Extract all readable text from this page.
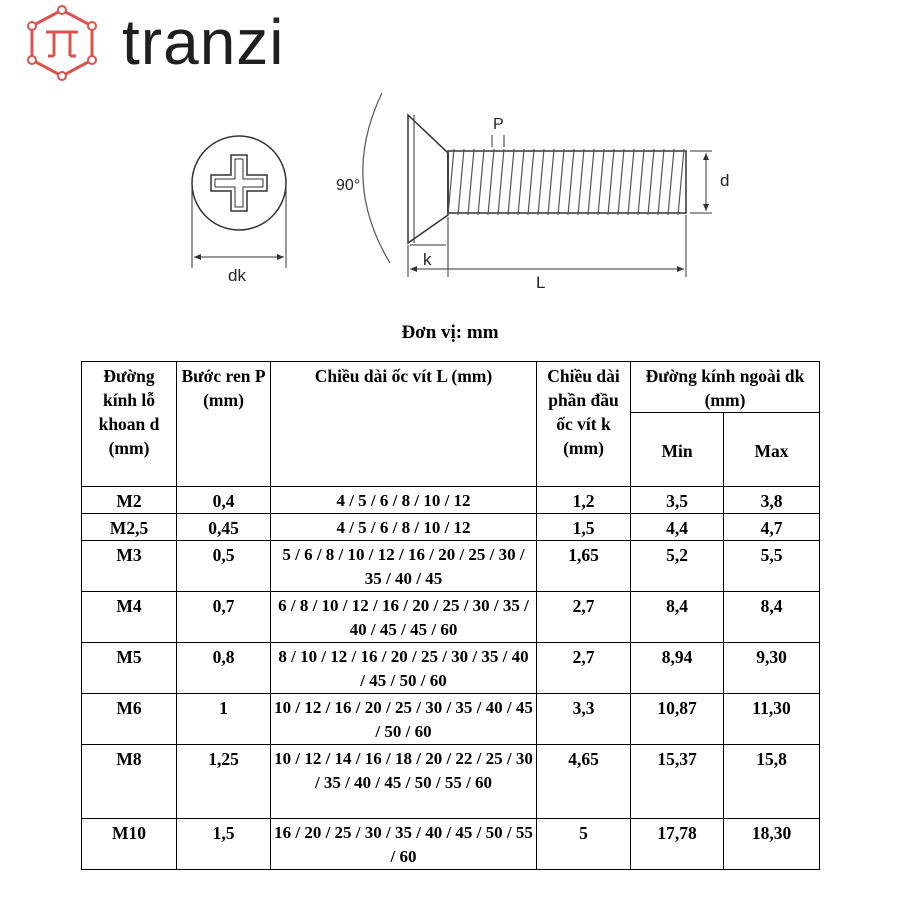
tranzi
dk
90°
P
d
k
L
Đơn vị: mm
Đường kính lỗ khoan d (mm)	Bước ren P (mm)	Chiều dài ốc vít L (mm)	Chiều dài phần đầu ốc vít k (mm)	Đường kính ngoài dk (mm)	
				Min	Max
M2	0,4	4 / 5 / 6 / 8 / 10 / 12	1,2	3,5	3,8
M2,5	0,45	4 / 5 / 6 / 8 / 10 / 12	1,5	4,4	4,7
M3	0,5	5 / 6 / 8 / 10 / 12 / 16 / 20 / 25 / 30 / 35 / 40 / 45	1,65	5,2	5,5
M4	0,7	6 / 8 / 10 / 12 / 16 / 20 / 25 / 30 / 35 / 40 / 45 / 45 / 60	2,7	8,4	8,4
M5	0,8	8 / 10 / 12 / 16 / 20 / 25 / 30 / 35 / 40 / 45 / 50 / 60	2,7	8,94	9,30
M6	1	10 / 12 / 16 / 20 / 25 / 30 / 35 / 40 / 45 / 50 / 60	3,3	10,87	11,30
M8	1,25	10 / 12 / 14 / 16 / 18 / 20 / 22 / 25 / 30 / 35 / 40 / 45 / 50 / 55 / 60	4,65	15,37	15,8
M10	1,5	16 / 20 / 25 / 30 / 35 / 40 / 45 / 50 / 55 / 60	5	17,78	18,30
